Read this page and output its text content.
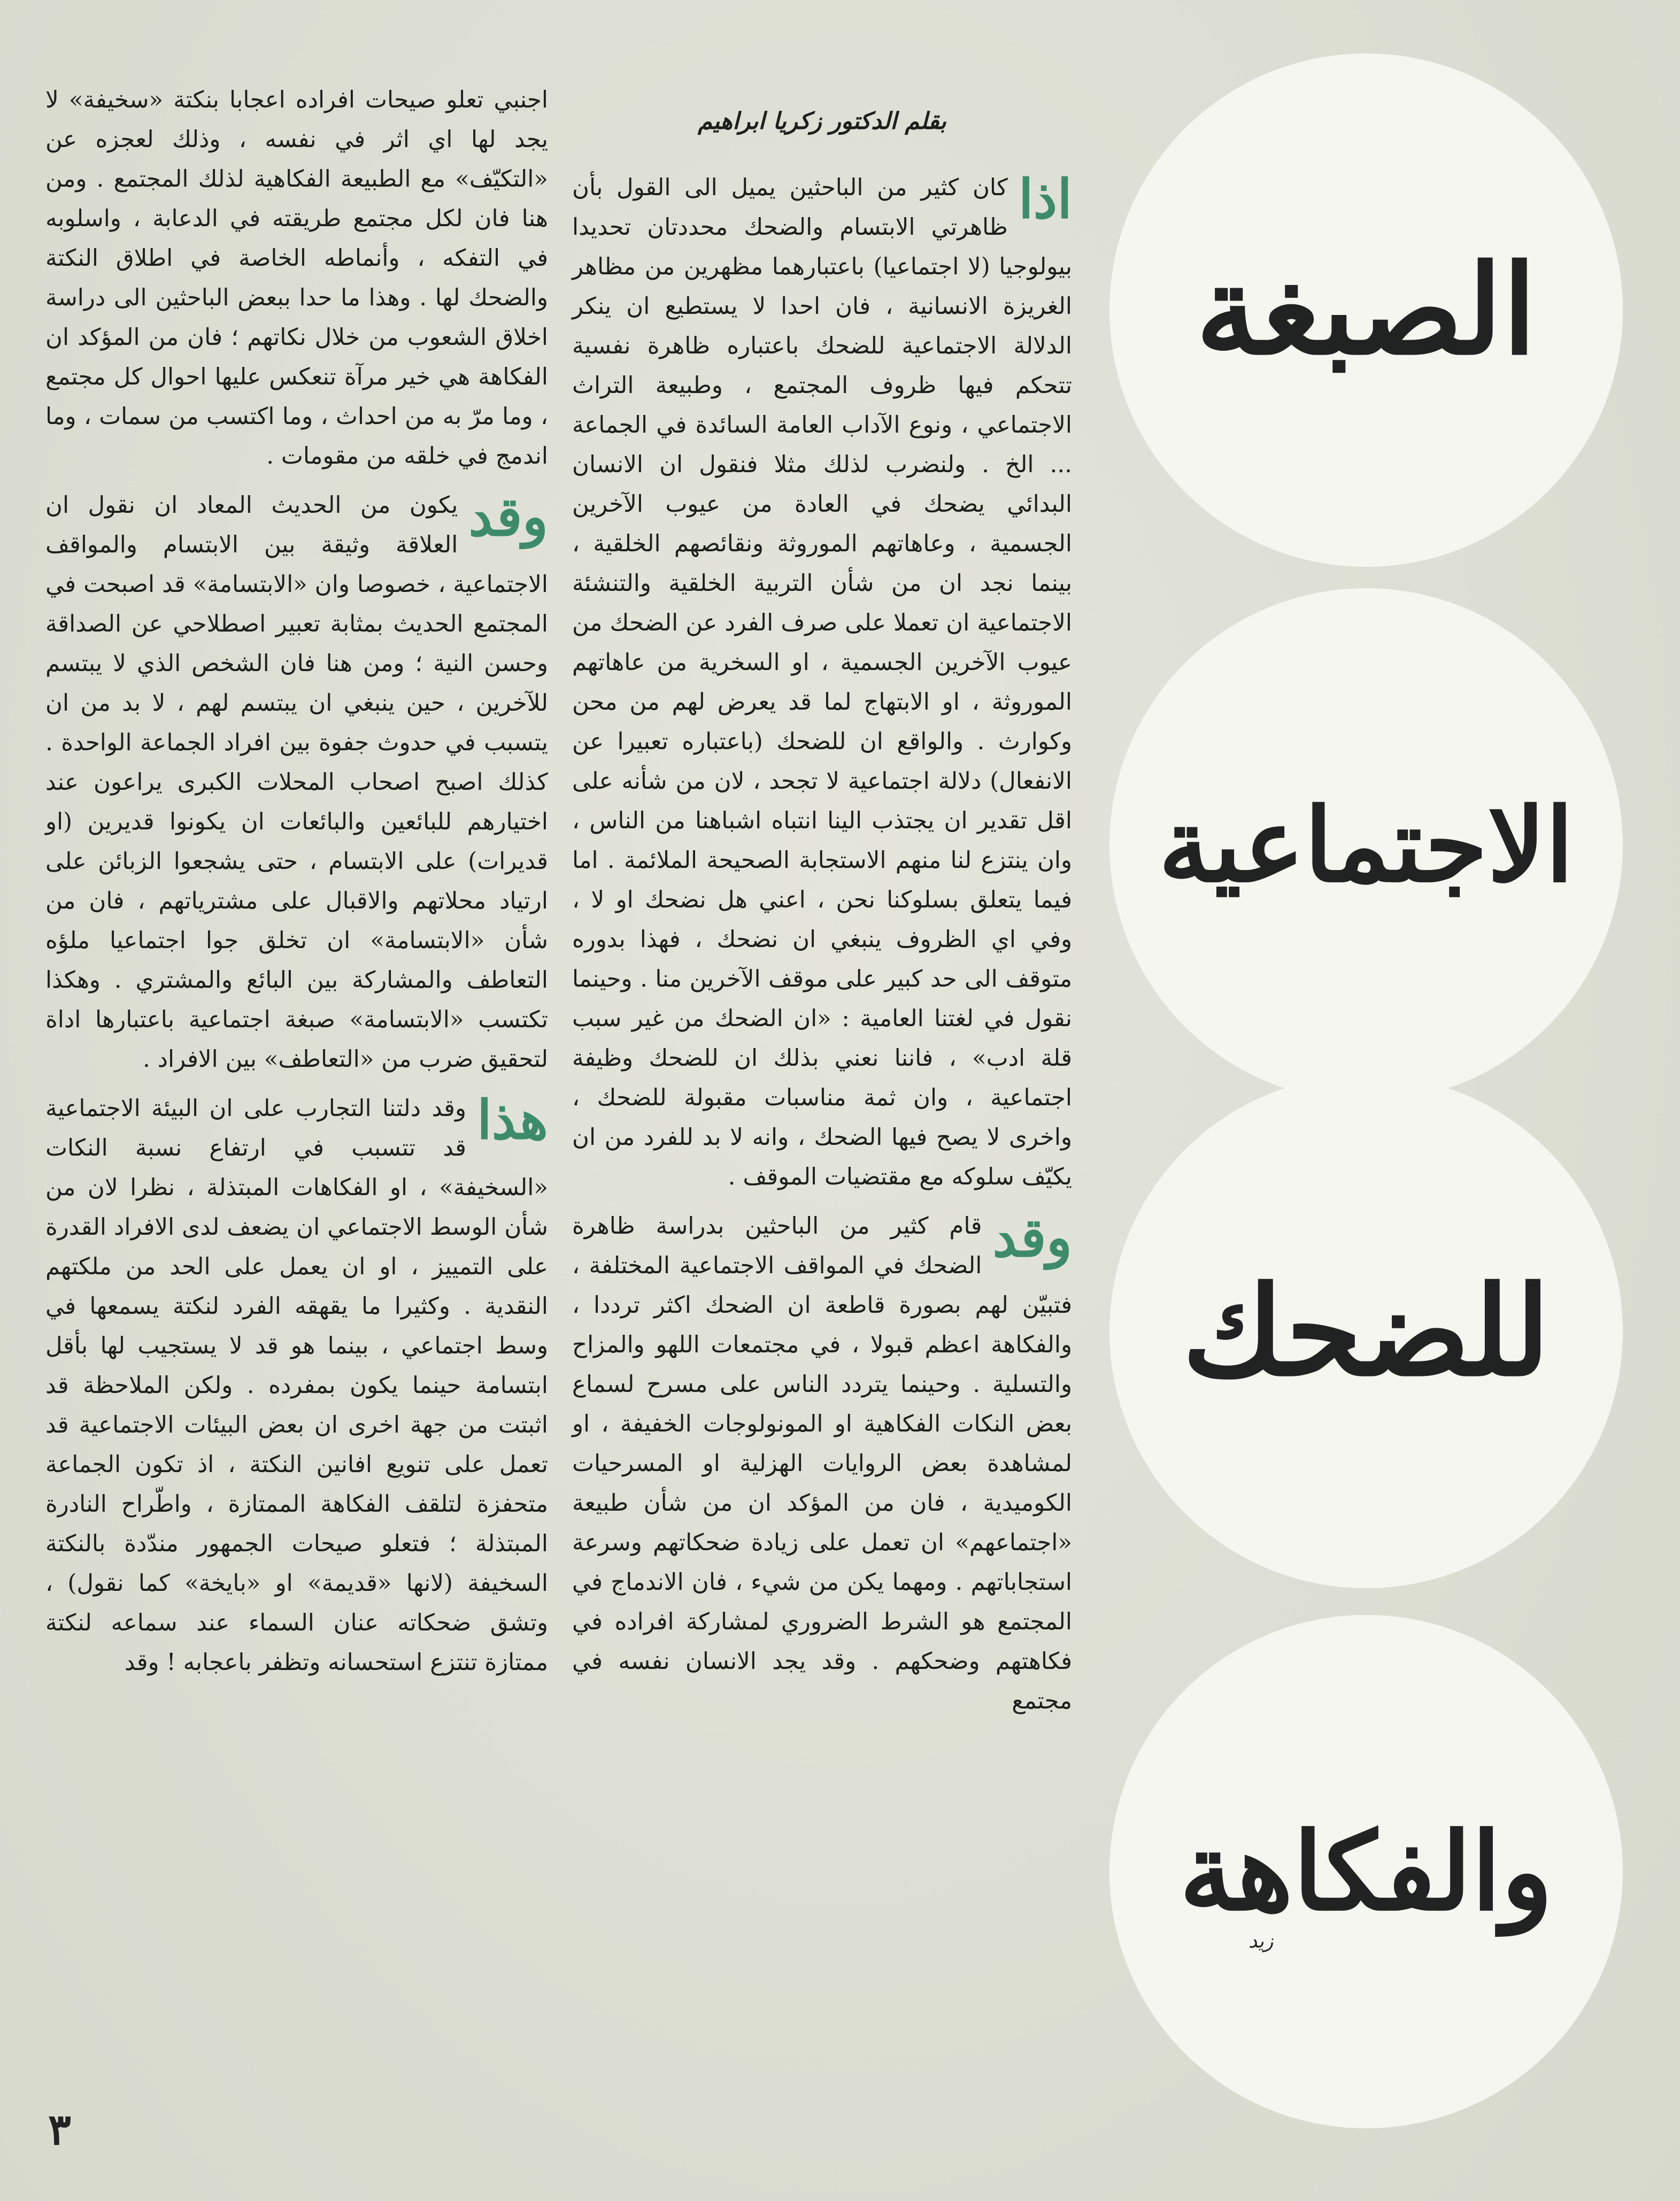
بقلم الدكتور زكريا ابراهيم

اذا
كان كثير من الباحثين يميل الى القول بأن ظاهرتي الابتسام والضحك محددتان تحديدا بيولوجيا (لا اجتماعيا) باعتبارهما مظهرين من مظاهر الغريزة الانسانية ، فان احدا لا يستطيع ان ينكر الدلالة الاجتماعية للضحك باعتباره ظاهرة نفسية تتحكم فيها ظروف المجتمع ، وطبيعة التراث الاجتماعي ، ونوع الآداب العامة السائدة في الجماعة ... الخ . ولنضرب لذلك مثلا فنقول ان الانسان البدائي يضحك في العادة من عيوب الآخرين الجسمية ، وعاهاتهم الموروثة ونقائصهم الخلقية ، بينما نجد ان من شأن التربية الخلقية والتنشئة الاجتماعية ان تعملا على صرف الفرد عن الضحك من عيوب الآخرين الجسمية ، او السخرية من عاهاتهم الموروثة ، او الابتهاج لما قد يعرض لهم من محن وكوارث . والواقع ان للضحك (باعتباره تعبيرا عن الانفعال) دلالة اجتماعية لا تجحد ، لان من شأنه على اقل تقدير ان يجتذب الينا انتباه اشباهنا من الناس ، وان ينتزع لنا منهم الاستجابة الصحيحة الملائمة . اما فيما يتعلق بسلوكنا نحن ، اعني هل نضحك او لا ، وفي اي الظروف ينبغي ان نضحك ، فهذا بدوره متوقف الى حد كبير على موقف الآخرين منا . وحينما نقول في لغتنا العامية : «ان الضحك من غير سبب قلة ادب» ، فاننا نعني بذلك ان للضحك وظيفة اجتماعية ، وان ثمة مناسبات مقبولة للضحك ، واخرى لا يصح فيها الضحك ، وانه لا بد للفرد من ان يكيّف سلوكه مع مقتضيات الموقف .

وقد
قام كثير من الباحثين بدراسة ظاهرة الضحك في المواقف الاجتماعية المختلفة ، فتبيّن لهم بصورة قاطعة ان الضحك اكثر ترددا ، والفكاهة اعظم قبولا ، في مجتمعات اللهو والمزاح والتسلية . وحينما يتردد الناس على مسرح لسماع بعض النكات الفكاهية او المونولوجات الخفيفة ، او لمشاهدة بعض الروايات الهزلية او المسرحيات الكوميدية ، فان من المؤكد ان من شأن طبيعة «اجتماعهم» ان تعمل على زيادة ضحكاتهم وسرعة استجاباتهم . ومهما يكن من شيء ، فان الاندماج في المجتمع هو الشرط الضروري لمشاركة افراده في فكاهتهم وضحكهم . وقد يجد الانسان نفسه في مجتمع

اجنبي تعلو صيحات افراده اعجابا بنكتة «سخيفة» لا يجد لها اي اثر في نفسه ، وذلك لعجزه عن «التكيّف» مع الطبيعة الفكاهية لذلك المجتمع . ومن هنا فان لكل مجتمع طريقته في الدعابة ، واسلوبه في التفكه ، وأنماطه الخاصة في اطلاق النكتة والضحك لها . وهذا ما حدا ببعض الباحثين الى دراسة اخلاق الشعوب من خلال نكاتهم ؛ فان من المؤكد ان الفكاهة هي خير مرآة تنعكس عليها احوال كل مجتمع ، وما مرّ به من احداث ، وما اكتسب من سمات ، وما اندمج في خلقه من مقومات .

وقد
يكون من الحديث المعاد ان نقول ان العلاقة وثيقة بين الابتسام والمواقف الاجتماعية ، خصوصا وان «الابتسامة» قد اصبحت في المجتمع الحديث بمثابة تعبير اصطلاحي عن الصداقة وحسن النية ؛ ومن هنا فان الشخص الذي لا يبتسم للآخرين ، حين ينبغي ان يبتسم لهم ، لا بد من ان يتسبب في حدوث جفوة بين افراد الجماعة الواحدة . كذلك اصبح اصحاب المحلات الكبرى يراعون عند اختيارهم للبائعين والبائعات ان يكونوا قديرين (او قديرات) على الابتسام ، حتى يشجعوا الزبائن على ارتياد محلاتهم والاقبال على مشترياتهم ، فان من شأن «الابتسامة» ان تخلق جوا اجتماعيا ملؤه التعاطف والمشاركة بين البائع والمشتري . وهكذا تكتسب «الابتسامة» صبغة اجتماعية باعتبارها اداة لتحقيق ضرب من «التعاطف» بين الافراد .

هذا
وقد دلتنا التجارب على ان البيئة الاجتماعية قد تتسبب في ارتفاع نسبة النكات «السخيفة» ، او الفكاهات المبتذلة ، نظرا لان من شأن الوسط الاجتماعي ان يضعف لدى الافراد القدرة على التمييز ، او ان يعمل على الحد من ملكتهم النقدية . وكثيرا ما يقهقه الفرد لنكتة يسمعها في وسط اجتماعي ، بينما هو قد لا يستجيب لها بأقل ابتسامة حينما يكون بمفرده . ولكن الملاحظة قد اثبتت من جهة اخرى ان بعض البيئات الاجتماعية قد تعمل على تنويع افانين النكتة ، اذ تكون الجماعة متحفزة لتلقف الفكاهة الممتازة ، واطّراح النادرة المبتذلة ؛ فتعلو صيحات الجمهور مندّدة بالنكتة السخيفة (لانها «قديمة» او «بايخة» كما نقول) ، وتشق ضحكاته عنان السماء عند سماعه لنكتة ممتازة تنتزع استحسانه وتظفر باعجابه ! وقد

الصبغة
الاجتماعية
للضحك
والفكاهة
زيد
٣
